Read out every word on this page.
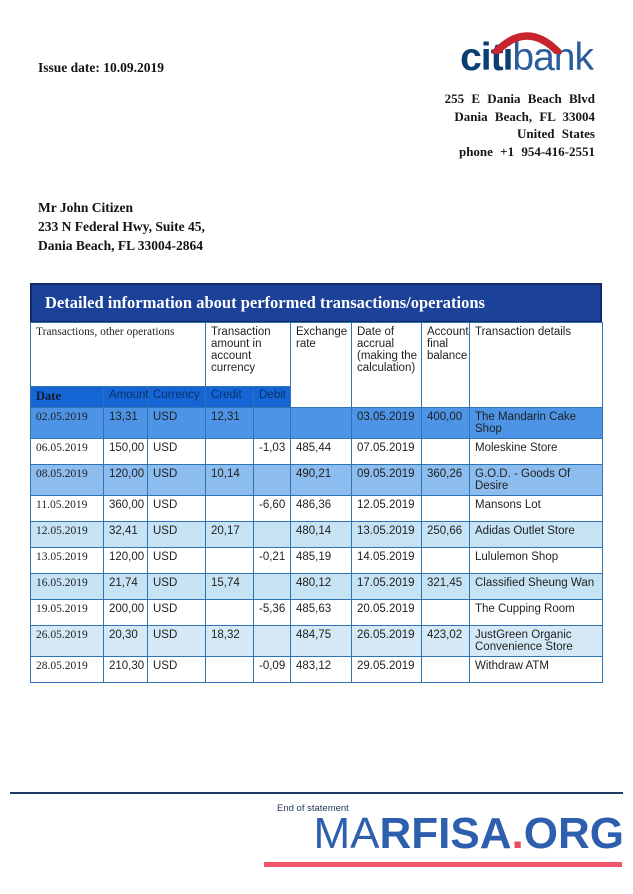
Issue date: 10.09.2019	citi
bank
255 E Dania Beach Blvd
Dania Beach, FL 33004
United States
phone +1 954-416-2551
Mr John Citizen
233 N Federal Hwy, Suite 45,
Dania Beach, FL 33004-2864
Detailed information about performed transactions/operations
Transactions, other operations			Transaction amount in account currency		Exchange rate	Date of accrual (making the calculation)	Account final balance	Transaction details
Date	Amount	Currency	Credit	Debit				
02.05.2019	13,31	USD	12,31			03.05.2019	400,00	The Mandarin Cake Shop
06.05.2019	150,00	USD		-1,03	485,44	07.05.2019		Moleskine Store
08.05.2019	120,00	USD	10,14		490,21	09.05.2019	360,26	G.O.D. - Goods Of Desire
11.05.2019	360,00	USD		-6,60	486,36	12.05.2019		Mansons Lot
12.05.2019	32,41	USD	20,17		480,14	13.05.2019	250,66	Adidas Outlet Store
13.05.2019	120,00	USD		-0,21	485,19	14.05.2019		Lululemon Shop
16.05.2019	21,74	USD	15,74		480,12	17.05.2019	321,45	Classified Sheung Wan
19.05.2019	200,00	USD		-5,36	485,63	20.05.2019		The Cupping Room
26.05.2019	20,30	USD	18,32		484,75	26.05.2019	423,02	JustGreen Organic Convenience Store
28.05.2019	210,30	USD		-0,09	483,12	29.05.2019		Withdraw ATM
End of statement
MARFISA.ORG
